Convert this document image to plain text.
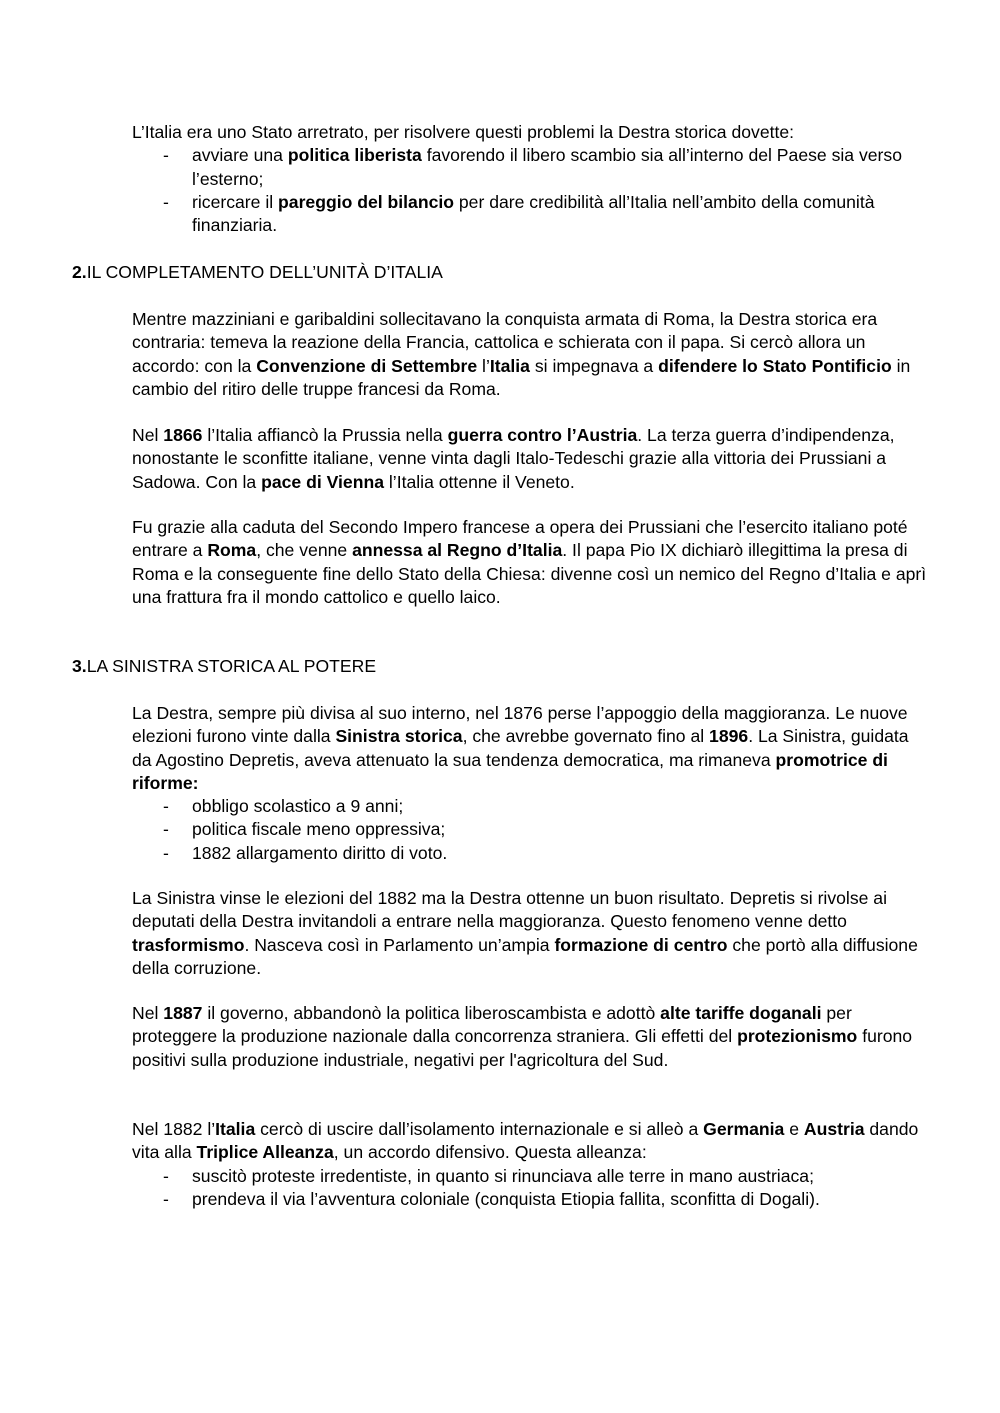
L’Italia era uno Stato arretrato, per risolvere questi problemi la Destra storica dovette:

- avviare una politica liberista favorendo il libero scambio sia all’interno del Paese sia verso l’esterno;
- ricercare il pareggio del bilancio per dare credibilità all’Italia nell’ambito della comunità finanziaria.
2.IL COMPLETAMENTO DELL’UNITÀ D’ITALIA
Mentre mazziniani e garibaldini sollecitavano la conquista armata di Roma, la Destra storica era contraria: temeva la reazione della Francia, cattolica e schierata con il papa. Si cercò allora un accordo: con la Convenzione di Settembre l’Italia si impegnava a difendere lo Stato Pontificio in cambio del ritiro delle truppe francesi da Roma.
Nel 1866 l’Italia affiancò la Prussia nella guerra contro l’Austria. La terza guerra d’indipendenza, nonostante le sconfitte italiane, venne vinta dagli Italo-Tedeschi grazie alla vittoria dei Prussiani a Sadowa. Con la pace di Vienna l’Italia ottenne il Veneto.
Fu grazie alla caduta del Secondo Impero francese a opera dei Prussiani che l’esercito italiano poté entrare a Roma, che venne annessa al Regno d’Italia. Il papa Pio IX dichiarò illegittima la presa di Roma e la conseguente fine dello Stato della Chiesa: divenne così un nemico del Regno d’Italia e aprì una frattura fra il mondo cattolico e quello laico.
3.LA SINISTRA STORICA AL POTERE

La Destra, sempre più divisa al suo interno, nel 1876 perse l’appoggio della maggioranza. Le nuove elezioni furono vinte dalla Sinistra storica, che avrebbe governato fino al 1896. La Sinistra, guidata da Agostino Depretis, aveva attenuato la sua tendenza democratica, ma rimaneva promotrice di riforme:

- obbligo scolastico a 9 anni;
- politica fiscale meno oppressiva;
- 1882 allargamento diritto di voto.
La Sinistra vinse le elezioni del 1882 ma la Destra ottenne un buon risultato. Depretis si rivolse ai deputati della Destra invitandoli a entrare nella maggioranza. Questo fenomeno venne detto trasformismo. Nasceva così in Parlamento un’ampia formazione di centro che portò alla diffusione della corruzione.
Nel 1887 il governo, abbandonò la politica liberoscambista e adottò alte tariffe doganali per proteggere la produzione nazionale dalla concorrenza straniera. Gli effetti del protezionismo furono positivi sulla produzione industriale, negativi per l'agricoltura del Sud.

Nel 1882 l’Italia cercò di uscire dall’isolamento internazionale e si alleò a Germania e Austria dando vita alla Triplice Alleanza, un accordo difensivo. Questa alleanza:

- suscitò proteste irredentiste, in quanto si rinunciava alle terre in mano austriaca;
- prendeva il via l’avventura coloniale (conquista Etiopia fallita, sconfitta di Dogali).
